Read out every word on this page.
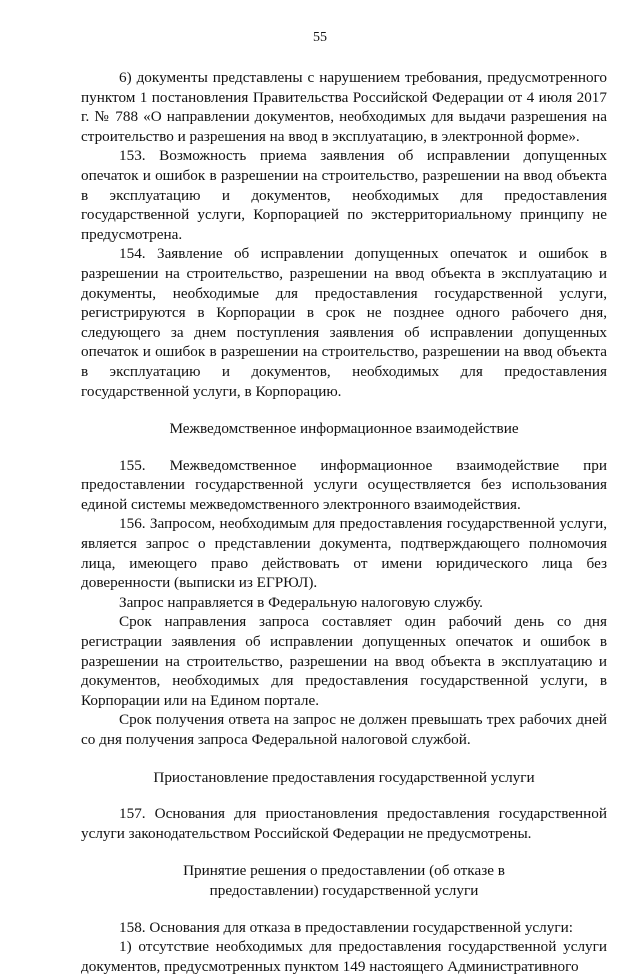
55

6) документы представлены с нарушением требования, предусмотренного пунктом 1 постановления Правительства Российской Федерации от 4 июля 2017 г. № 788 «О направлении документов, необходимых для выдачи разрешения на строительство и разрешения на ввод в эксплуатацию, в электронной форме».

153. Возможность приема заявления об исправлении допущенных опечаток и ошибок в разрешении на строительство, разрешении на ввод объекта в эксплуатацию и документов, необходимых для предоставления государственной услуги, Корпорацией по экстерриториальному принципу не предусмотрена.

154. Заявление об исправлении допущенных опечаток и ошибок в разрешении на строительство, разрешении на ввод объекта в эксплуатацию и документы, необходимые для предоставления государственной услуги, регистрируются в Корпорации в срок не позднее одного рабочего дня, следующего за днем поступления заявления об исправлении допущенных опечаток и ошибок в разрешении на строительство, разрешении на ввод объекта в эксплуатацию и документов, необходимых для предоставления государственной услуги, в Корпорацию.

Межведомственное информационное взаимодействие

155. Межведомственное информационное взаимодействие при предоставлении государственной услуги осуществляется без использования единой системы межведомственного электронного взаимодействия.

156. Запросом, необходимым для предоставления государственной услуги, является запрос о представлении документа, подтверждающего полномочия лица, имеющего право действовать от имени юридического лица без доверенности (выписки из ЕГРЮЛ).

Запрос направляется в Федеральную налоговую службу.

Срок направления запроса составляет один рабочий день со дня регистрации заявления об исправлении допущенных опечаток и ошибок в разрешении на строительство, разрешении на ввод объекта в эксплуатацию и документов, необходимых для предоставления государственной услуги, в Корпорации или на Едином портале.

Срок получения ответа на запрос не должен превышать трех рабочих дней со дня получения запроса Федеральной налоговой службой.

Приостановление предоставления государственной услуги

157. Основания для приостановления предоставления государственной услуги законодательством Российской Федерации не предусмотрены.

Принятие решения о предоставлении (об отказе в предоставлении) государственной услуги

158. Основания для отказа в предоставлении государственной услуги:

1) отсутствие необходимых для предоставления государственной услуги документов, предусмотренных пунктом 149 настоящего Административного
